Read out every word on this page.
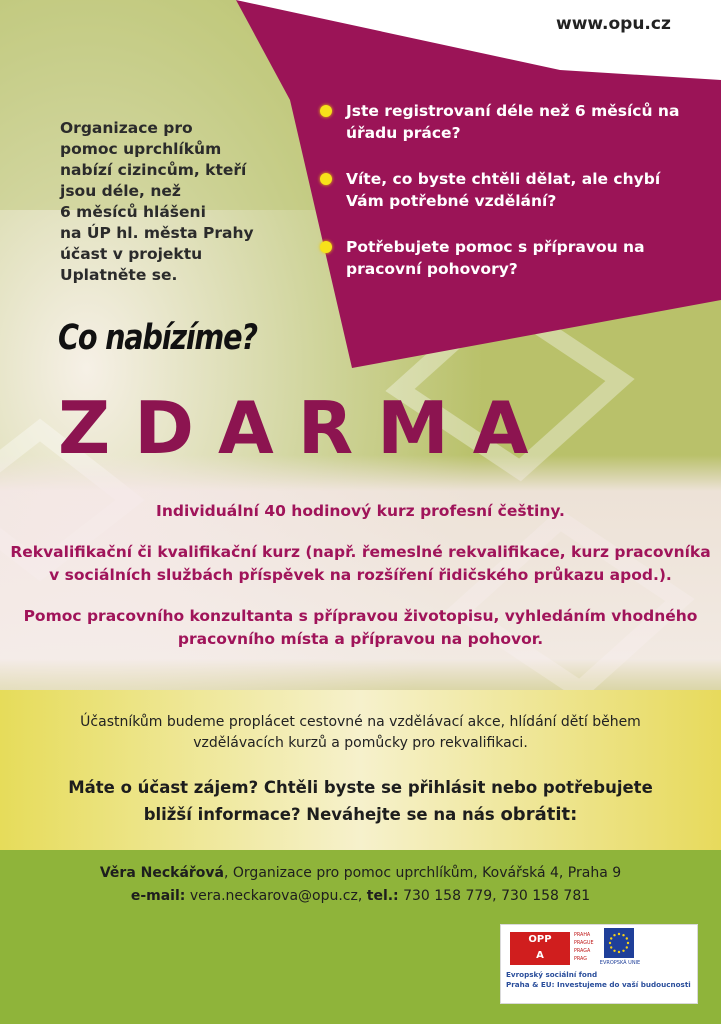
www.opu.cz
Organizace pro
pomoc uprchlíkům
nabízí cizincům, kteří
jsou déle, než
6 měsíců hlášeni
na ÚP hl. města Prahy
účast v projektu
Uplatněte se.
Jste registrovaní déle než 6 měsíců na
úřadu práce?
Víte, co byste chtěli dělat, ale chybí
Vám potřebné vzdělání?
Potřebujete pomoc s přípravou na
pracovní pohovory?
Co nabízíme?
ZDARMA

Individuální 40 hodinový kurz profesní češtiny.

Rekvalifikační či kvalifikační kurz (např. řemeslné rekvalifikace, kurz pracovníka
v sociálních službách příspěvek na rozšíření řidičského průkazu apod.).

Pomoc pracovního konzultanta s přípravou životopisu, vyhledáním vhodného
pracovního místa a přípravou na pohovor.

Účastníkům budeme proplácet cestovné na vzdělávací akce, hlídání dětí během
vzdělávacích kurzů a pomůcky pro rekvalifikaci.
Máte o účast zájem? Chtěli byste se přihlásit nebo potřebujete
bližší informace? Neváhejte se na nás obrátit:
Věra Neckářová, Organizace pro pomoc uprchlíkům, Kovářská 4, Praha 9
e-mail: vera.neckarova@opu.cz, tel.: 730 158 779, 730 158 781
OPP
A
PRAHA
PRAGUE
PRAGA
PRAG
EVROPSKÁ UNIE
Evropský sociální fond
Praha & EU: Investujeme do vaší budoucnosti
